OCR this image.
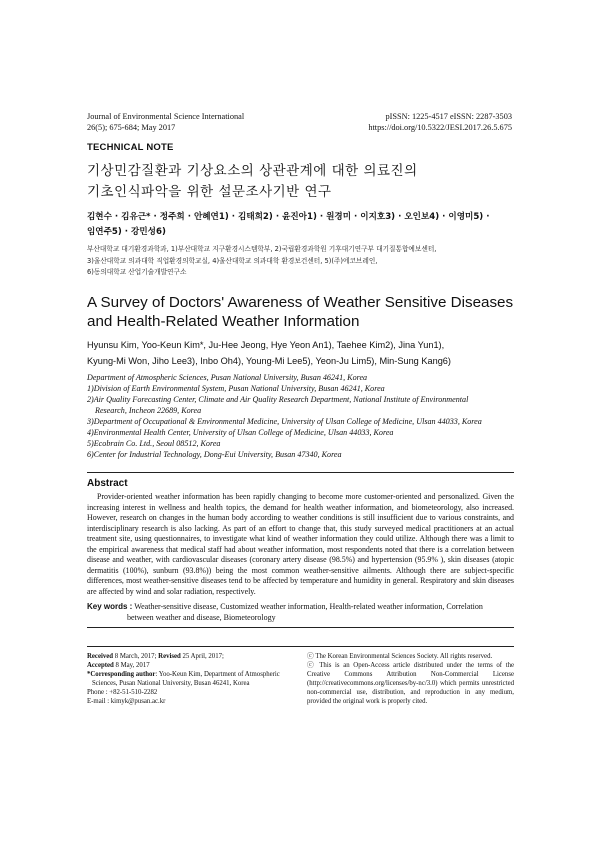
Journal of Environmental Science International
26(5); 675-684; May 2017
pISSN: 1225-4517 eISSN: 2287-3503
https://doi.org/10.5322/JESI.2017.26.5.675
TECHNICAL NOTE
기상민감질환과 기상요소의 상관관계에 대한 의료진의
기초인식파악을 위한 설문조사기반 연구
김현수 · 김유근* · 정주희 · 안혜연1) · 김태희2) · 윤진아1) · 원경미 · 이지호3) · 오인보4) · 이영미5) ·
임연주5) · 강민성6)
부산대학교 대기환경과학과, 1)부산대학교 지구환경시스템학부, 2)국립환경과학원 기후대기연구부 대기질통합예보센터,
3)울산대학교 의과대학 직업환경의학교실, 4)울산대학교 의과대학 환경보건센터, 5)(주)에코브레인,
6)동의대학교 산업기술개발연구소
A Survey of Doctors' Awareness of Weather Sensitive Diseases
and Health-Related Weather Information
Hyunsu Kim, Yoo-Keun Kim*, Ju-Hee Jeong, Hye Yeon An1), Taehee Kim2), Jina Yun1),
Kyung-Mi Won, Jiho Lee3), Inbo Oh4), Young-Mi Lee5), Yeon-Ju Lim5), Min-Sung Kang6)

Department of Atmospheric Sciences, Pusan National University, Busan 46241, Korea

1)Division of Earth Environmental System, Pusan National University, Busan 46241, Korea

2)Air Quality Forecasting Center, Climate and Air Quality Research Department, National Institute of Environmental

Research, Incheon 22689, Korea

3)Department of Occupational & Environmental Medicine, University of Ulsan College of Medicine, Ulsan 44033, Korea

4)Environmental Health Center, University of Ulsan College of Medicine, Ulsan 44033, Korea

5)Ecobrain Co. Ltd., Seoul 08512, Korea

6)Center for Industrial Technology, Dong-Eui University, Busan 47340, Korea

Abstract
Provider-oriented weather information has been rapidly changing to become more customer-oriented and personalized. Given the increasing interest in wellness and health topics, the demand for health weather information, and biometeorology, also increased. However, research on changes in the human body according to weather conditions is still insufficient due to various constraints, and interdisciplinary research is also lacking. As part of an effort to change that, this study surveyed medical practitioners at an actual treatment site, using questionnaires, to investigate what kind of weather information they could utilize. Although there was a limit to the empirical awareness that medical staff had about weather information, most respondents noted that there is a correlation between disease and weather, with cardiovascular diseases (coronary artery disease (98.5%) and hypertension (95.9% ), skin diseases (atopic dermatitis (100%), sunburn (93.8%)) being the most common weather-sensitive ailments. Although there are subject-specific differences, most weather-sensitive diseases tend to be affected by temperature and humidity in general. Respiratory and skin diseases are affected by wind and solar radiation, respectively.
Key words : Weather-sensitive disease, Customized weather information, Health-related weather information, Correlation
between weather and disease, Biometeorology
Received 8 March, 2017; Revised 25 April, 2017;
Accepted 8 May, 2017
*Corresponding author: Yoo-Keun Kim, Department of Atmospheric
Sciences, Pusan National University, Busan 46241, Korea
Phone : +82-51-510-2282
E-mail : kimyk@pusan.ac.kr
ⓒ The Korean Environmental Sciences Society. All rights reserved.
ⓒ This is an Open-Access article distributed under the terms of the Creative Commons Attribution Non-Commercial License (http://creativecommons.org/licenses/by-nc/3.0) which permits unrestricted non-commercial use, distribution, and reproduction in any medium, provided the original work is properly cited.
